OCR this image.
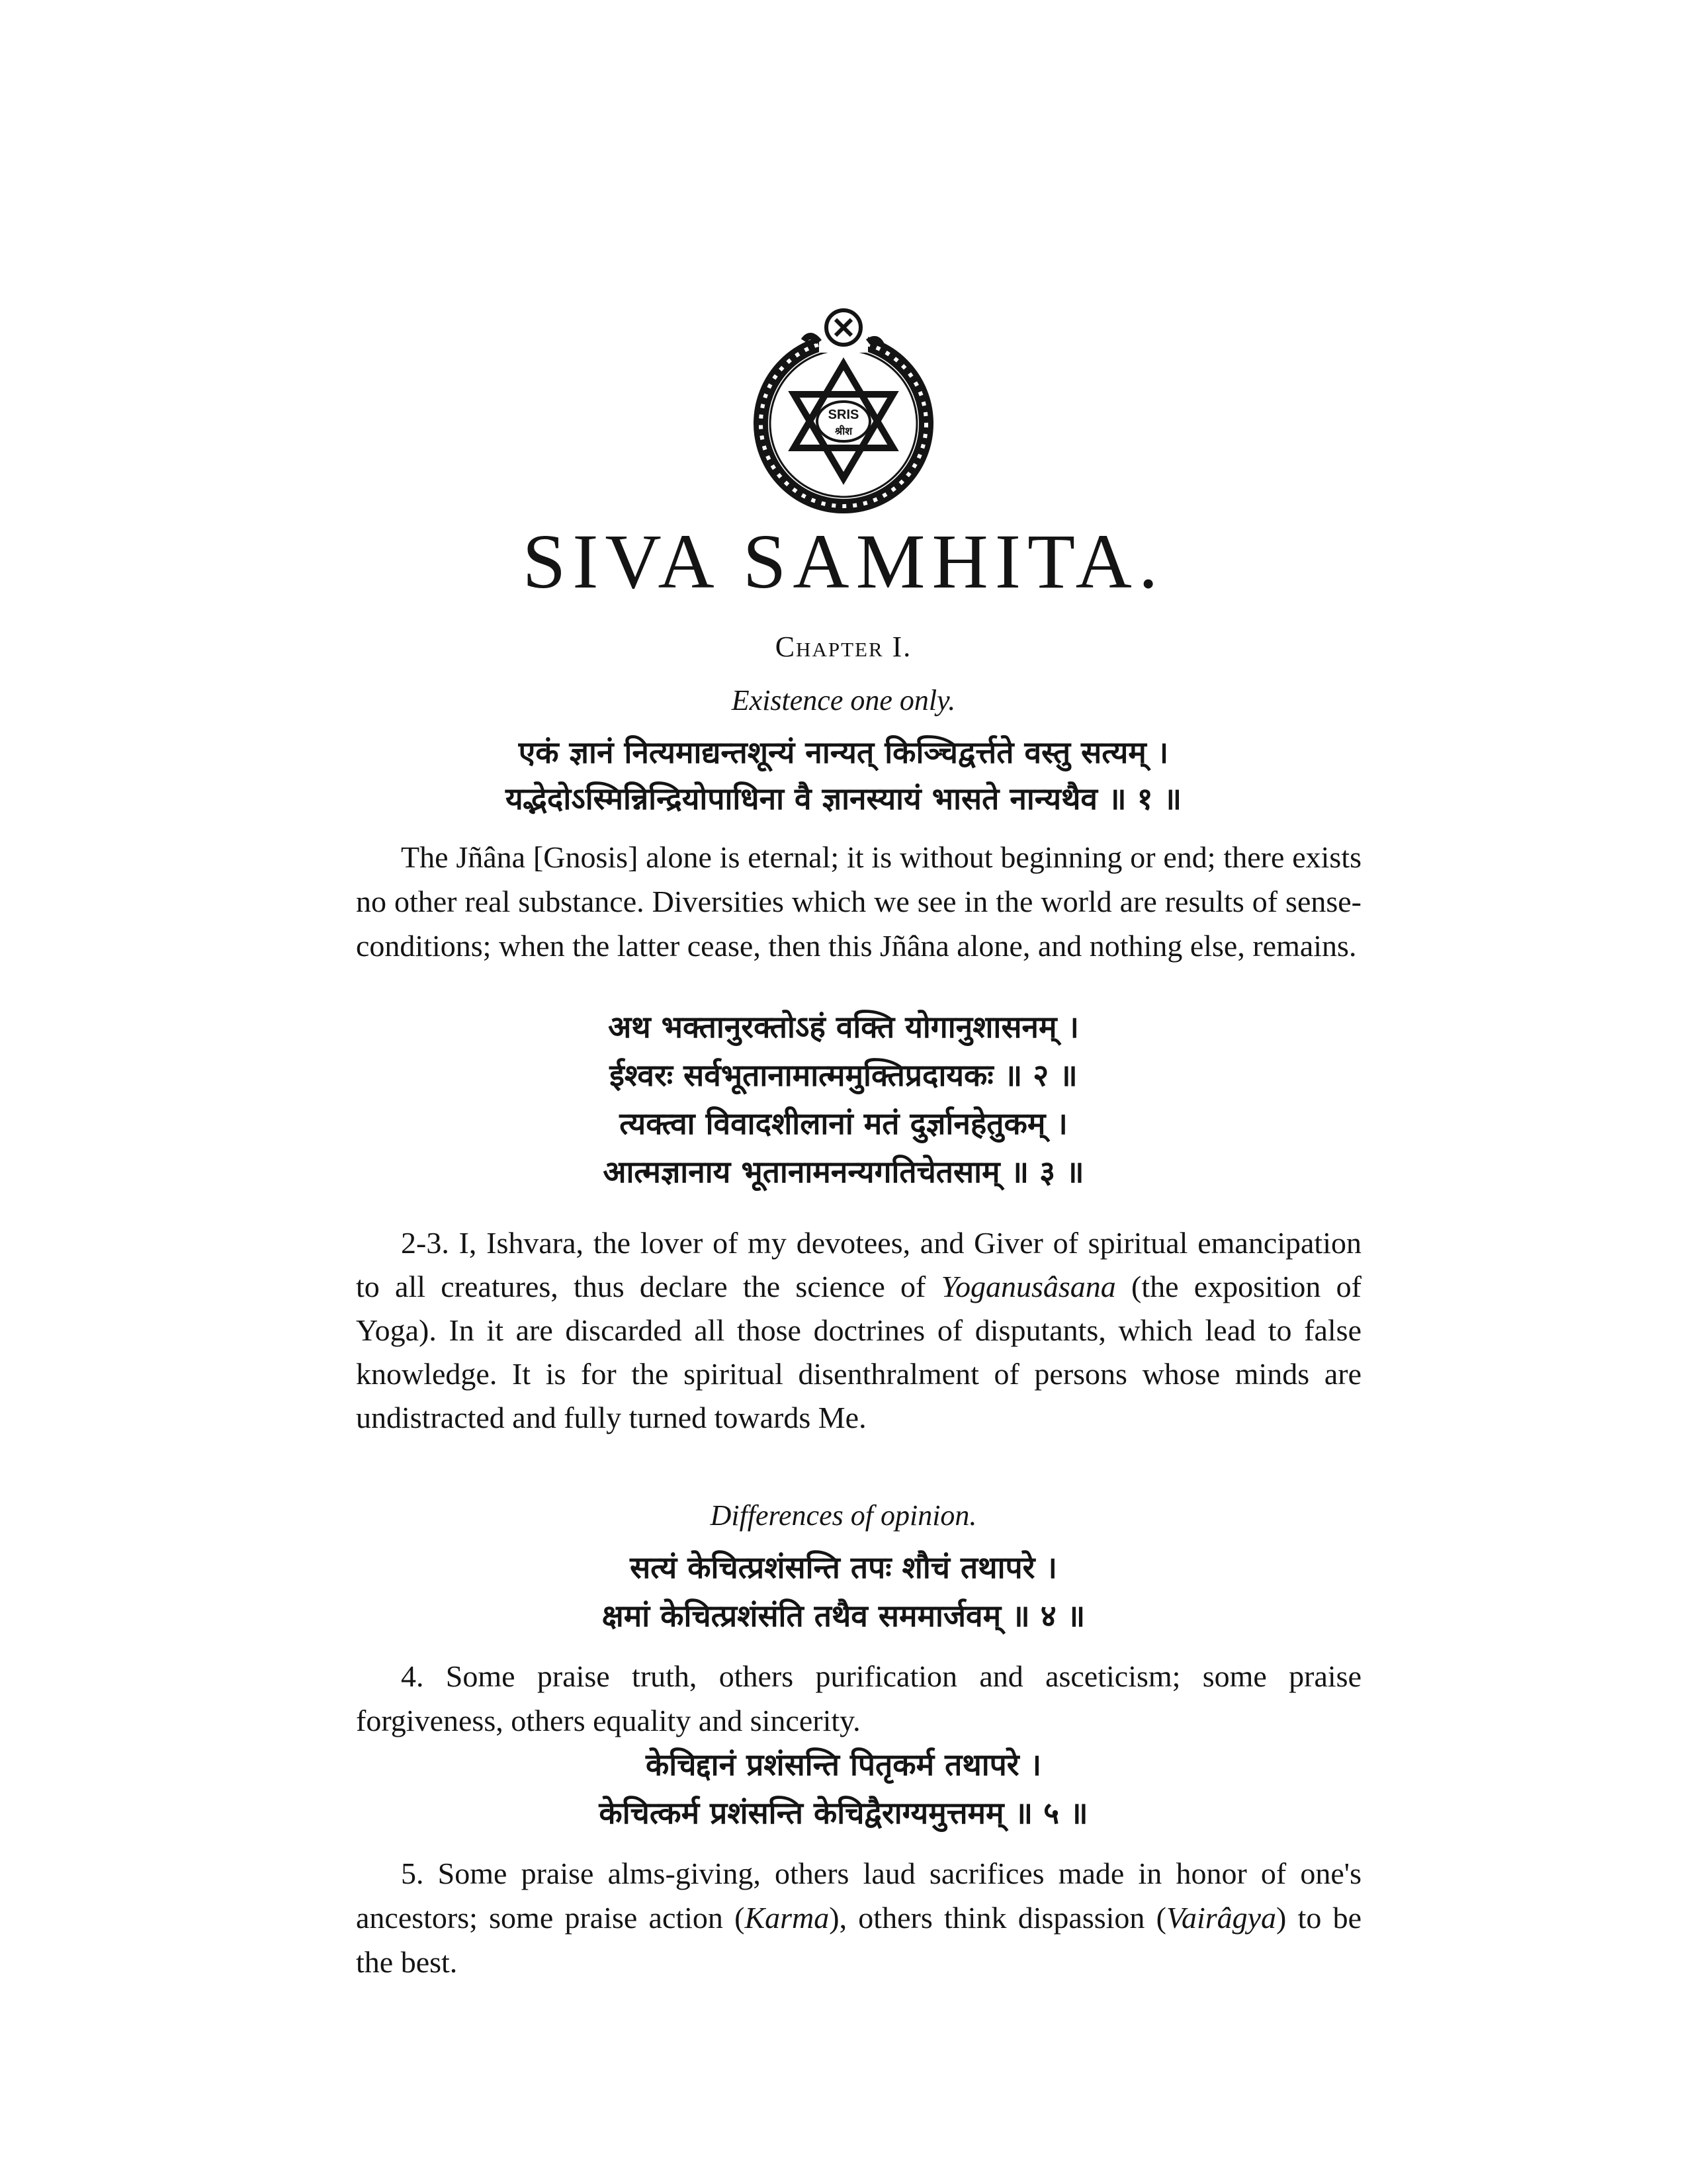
SRIS
श्रीश
SIVA SAMHITA.
Chapter I.
Existence one only.
एकं ज्ञानं नित्यमाद्यन्तशून्यं नान्यत् किञ्चिद्वर्त्तते वस्तु सत्यम् ।
यद्भेदोऽस्मिन्निन्द्रियोपाधिना वै ज्ञानस्यायं भासते नान्यथैव ॥ १ ॥

The Jñâna [Gnosis] alone is eternal; it is without beginning or end; there exists no other real substance. Diversities which we see in the world are results of sense-conditions; when the latter cease, then this Jñâna alone, and nothing else, remains.

अथ भक्तानुरक्तोऽहं वक्ति योगानुशासनम् ।
ईश्वरः सर्वभूतानामात्ममुक्तिप्रदायकः ॥ २ ॥
त्यक्त्वा विवादशीलानां मतं दुर्ज्ञानहेतुकम् ।
आत्मज्ञानाय भूतानामनन्यगतिचेतसाम् ॥ ३ ॥

2-3. I, Ishvara, the lover of my devotees, and Giver of spiritual emancipation to all creatures, thus declare the science of Yoganusâsana (the exposition of Yoga). In it are discarded all those doctrines of disputants, which lead to false knowledge. It is for the spiritual disenthralment of persons whose minds are undistracted and fully turned towards Me.

Differences of opinion.
सत्यं केचित्प्रशंसन्ति तपः शौचं तथापरे ।
क्षमां केचित्प्रशंसंति तथैव सममार्जवम् ॥ ४ ॥

4. Some praise truth, others purification and asceticism; some praise forgiveness, others equality and sincerity.

केचिद्दानं प्रशंसन्ति पितृकर्म तथापरे ।
केचित्कर्म प्रशंसन्ति केचिद्वैराग्यमुत्तमम् ॥ ५ ॥

5. Some praise alms-giving, others laud sacrifices made in honor of one's ancestors; some praise action (Karma), others think dispassion (Vairâgya) to be the best.
